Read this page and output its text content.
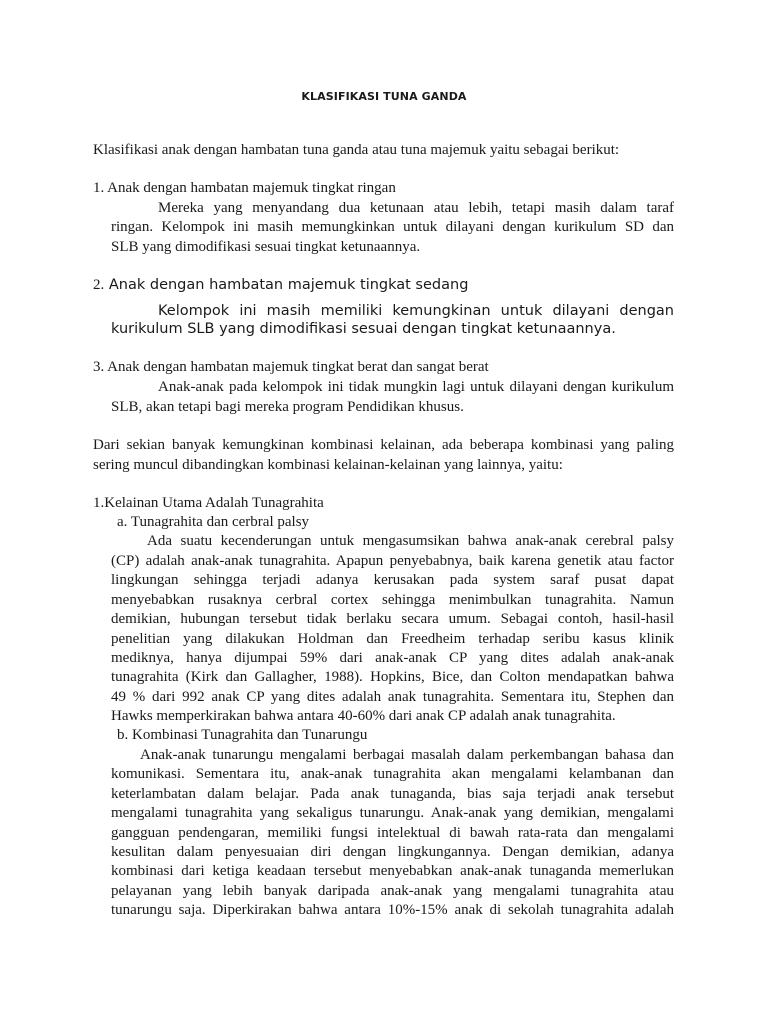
KLASIFIKASI TUNA GANDA
Klasifikasi anak dengan hambatan tuna ganda atau tuna majemuk yaitu sebagai berikut:
1. Anak dengan hambatan majemuk tingkat ringan
Mereka yang menyandang dua ketunaan atau lebih, tetapi masih dalam taraf
ringan. Kelompok ini masih memungkinkan untuk dilayani dengan kurikulum SD dan
SLB yang dimodifikasi sesuai tingkat ketunaannya.
2. Anak dengan hambatan majemuk tingkat sedang
Kelompok ini masih memiliki kemungkinan untuk dilayani dengan
kurikulum SLB yang dimodifikasi sesuai dengan tingkat ketunaannya.
3. Anak dengan hambatan majemuk tingkat berat dan sangat berat
Anak-anak pada kelompok ini tidak mungkin lagi untuk dilayani dengan kurikulum
SLB, akan tetapi bagi mereka program Pendidikan khusus.
Dari sekian banyak kemungkinan kombinasi kelainan, ada beberapa kombinasi yang paling
sering muncul dibandingkan kombinasi kelainan-kelainan yang lainnya, yaitu:
1.Kelainan Utama Adalah Tunagrahita
a. Tunagrahita dan cerbral palsy
Ada suatu kecenderungan untuk mengasumsikan bahwa anak-anak cerebral palsy
(CP) adalah anak-anak tunagrahita. Apapun penyebabnya, baik karena genetik atau factor
lingkungan sehingga terjadi adanya kerusakan pada system saraf pusat dapat
menyebabkan rusaknya cerbral cortex sehingga menimbulkan tunagrahita. Namun
demikian, hubungan tersebut tidak berlaku secara umum. Sebagai contoh, hasil-hasil
penelitian yang dilakukan Holdman dan Freedheim terhadap seribu kasus klinik
mediknya, hanya dijumpai 59% dari anak-anak CP yang dites adalah anak-anak
tunagrahita (Kirk dan Gallagher, 1988). Hopkins, Bice, dan Colton mendapatkan bahwa
49 % dari 992 anak CP yang dites adalah anak tunagrahita. Sementara itu, Stephen dan
Hawks memperkirakan bahwa antara 40-60% dari anak CP adalah anak tunagrahita.
b. Kombinasi Tunagrahita dan Tunarungu
Anak-anak tunarungu mengalami berbagai masalah dalam perkembangan bahasa dan
komunikasi. Sementara itu, anak-anak tunagrahita akan mengalami kelambanan dan
keterlambatan dalam belajar. Pada anak tunaganda, bias saja terjadi anak tersebut
mengalami tunagrahita yang sekaligus tunarungu. Anak-anak yang demikian, mengalami
gangguan pendengaran, memiliki fungsi intelektual di bawah rata-rata dan mengalami
kesulitan dalam penyesuaian diri dengan lingkungannya. Dengan demikian, adanya
kombinasi dari ketiga keadaan tersebut menyebabkan anak-anak tunaganda memerlukan
pelayanan yang lebih banyak daripada anak-anak yang mengalami tunagrahita atau
tunarungu saja. Diperkirakan bahwa antara 10%-15% anak di sekolah tunagrahita adalah
